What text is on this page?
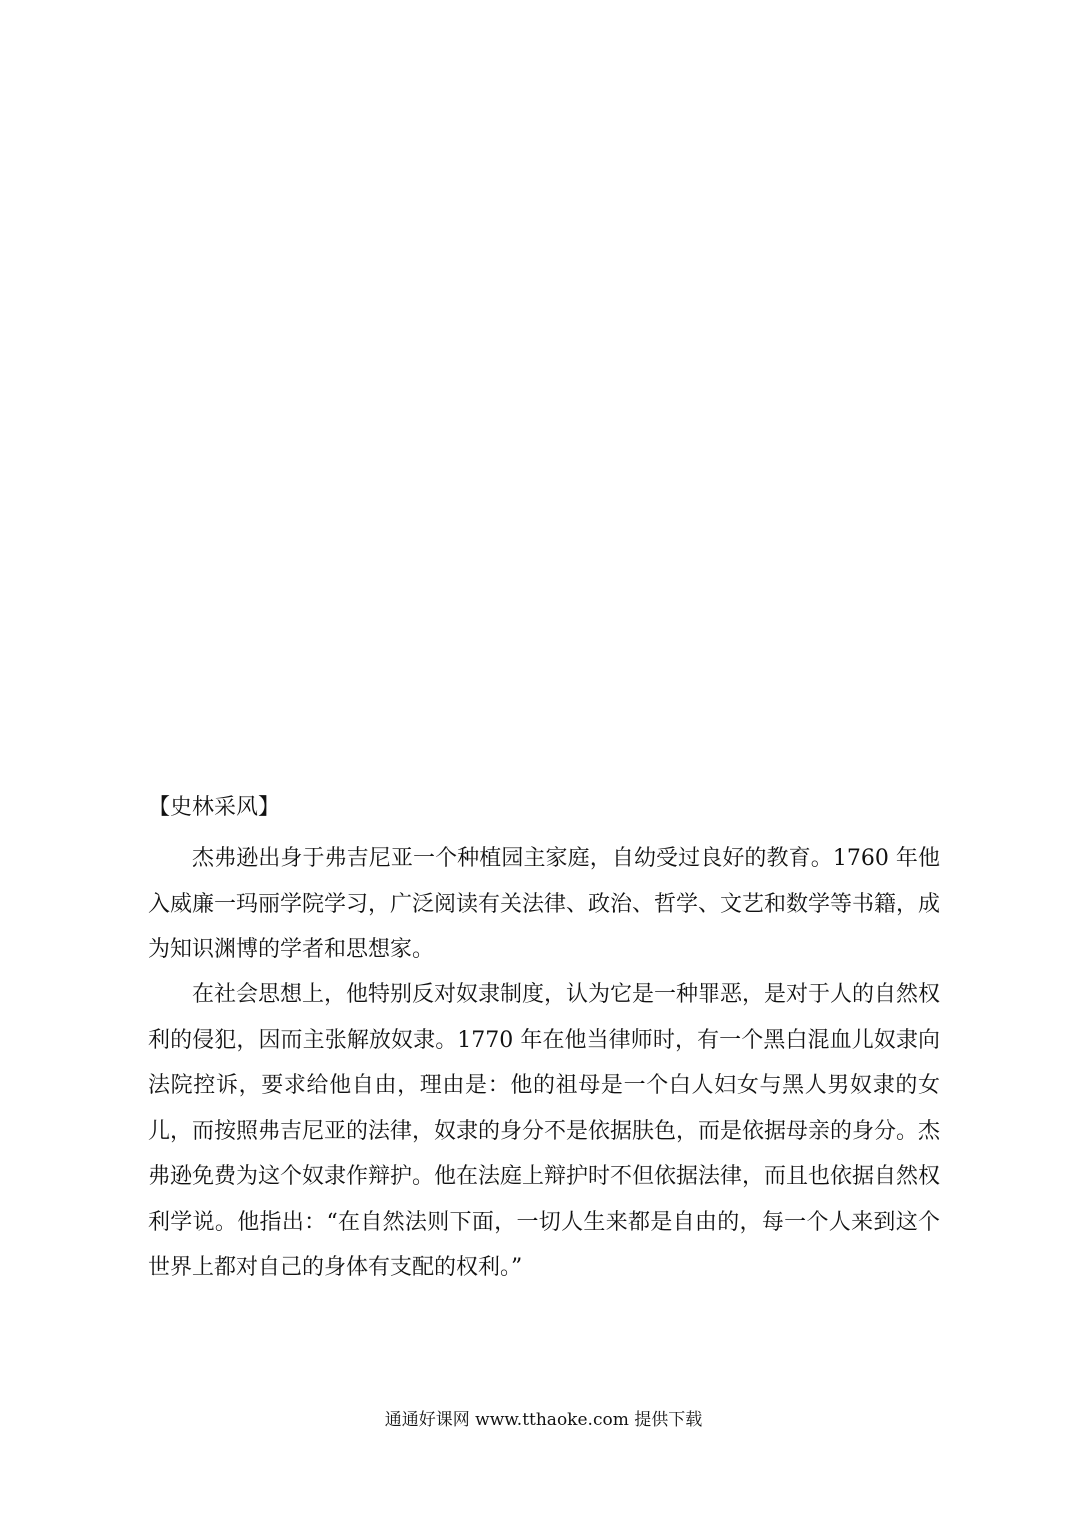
【史林采风】

杰弗逊出身于弗吉尼亚一个种植园主家庭，自幼受过良好的教育。1760 年他入威廉一玛丽学院学习，广泛阅读有关法律、政治、哲学、文艺和数学等书籍，成为知识渊博的学者和思想家。

在社会思想上，他特别反对奴隶制度，认为它是一种罪恶，是对于人的自然权利的侵犯，因而主张解放奴隶。1770 年在他当律师时，有一个黑白混血儿奴隶向法院控诉，要求给他自由，理由是：他的祖母是一个白人妇女与黑人男奴隶的女儿，而按照弗吉尼亚的法律，奴隶的身分不是依据肤色，而是依据母亲的身分。杰弗逊免费为这个奴隶作辩护。他在法庭上辩护时不但依据法律，而且也依据自然权利学说。他指出：“在自然法则下面，一切人生来都是自由的，每一个人来到这个世界上都对自己的身体有支配的权利。”

通通好课网 www.tthaoke.com 提供下载
